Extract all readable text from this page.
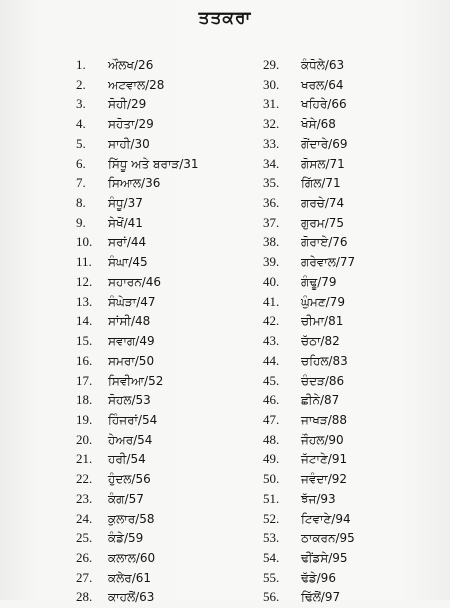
ਤਤਕਰਾ
1.	ਔਲਖ/26
2.	ਅਟਵਾਲ/28
3.	ਸੋਹੀ/29
4.	ਸਹੋਤਾ/29
5.	ਸਾਹੀ/30
6.	ਸਿੱਧੂ ਅਤੇ ਬਰਾੜ/31
7.	ਸਿਆਲ/36
8.	ਸੰਧੂ/37
9.	ਸੇਖੋਂ/41
10.	ਸਰਾਂ/44
11.	ਸੰਘਾ/45
12.	ਸਹਾਰਨ/46
13.	ਸੰਘੇੜਾ/47
14.	ਸਾਂਸੀ/48
15.	ਸਵਾਗ/49
16.	ਸਮਰਾ/50
17.	ਸਿਵੀਆ/52
18.	ਸੋਹਲ/53
19.	ਹਿੰਜਰਾਂ/54
20.	ਹੇਅਰ/54
21.	ਹਰੀ/54
22.	ਹੁੰਦਲ/56
23.	ਕੰਗ/57
24.	ਕੁਲਾਰ/58
25.	ਕੰਡੇ/59
26.	ਕਲਾਲ/60
27.	ਕਲੇਰ/61
28.	ਕਾਹਲੋਂ/63
29.	ਕੰਧੋਲੇ/63
30.	ਖਰਲ/64
31.	ਖਹਿਰੇ/66
32.	ਖੋਸੇ/68
33.	ਗੋਂਦਾਰੇ/69
34.	ਗੋਸਲ/71
35.	ਗਿੱਲ/71
36.	ਗਰਚੇ/74
37.	ਗੁਰਮ/75
38.	ਗੋਰਾਏ/76
39.	ਗਰੇਵਾਲ/77
40.	ਗੰਢੂ/79
41.	ਘੁੰਮਣ/79
42.	ਚੀਮਾ/81
43.	ਚੱਠਾ/82
44.	ਚਹਿਲ/83
45.	ਚੰਦੜ/86
46.	ਛੀਨੇ/87
47.	ਜਾਖੜ/88
48.	ਜੌਹਲ/90
49.	ਜੱਟਾਣੇ/91
50.	ਜਵੰਦਾ/92
51.	ਝੱਜ/93
52.	ਟਿਵਾਣੇ/94
53.	ਠਾਕਰਨ/95
54.	ਢੀਂਡਸੇ/95
55.	ਢੱਡੇ/96
56.	ਢਿੱਲੋਂ/97
